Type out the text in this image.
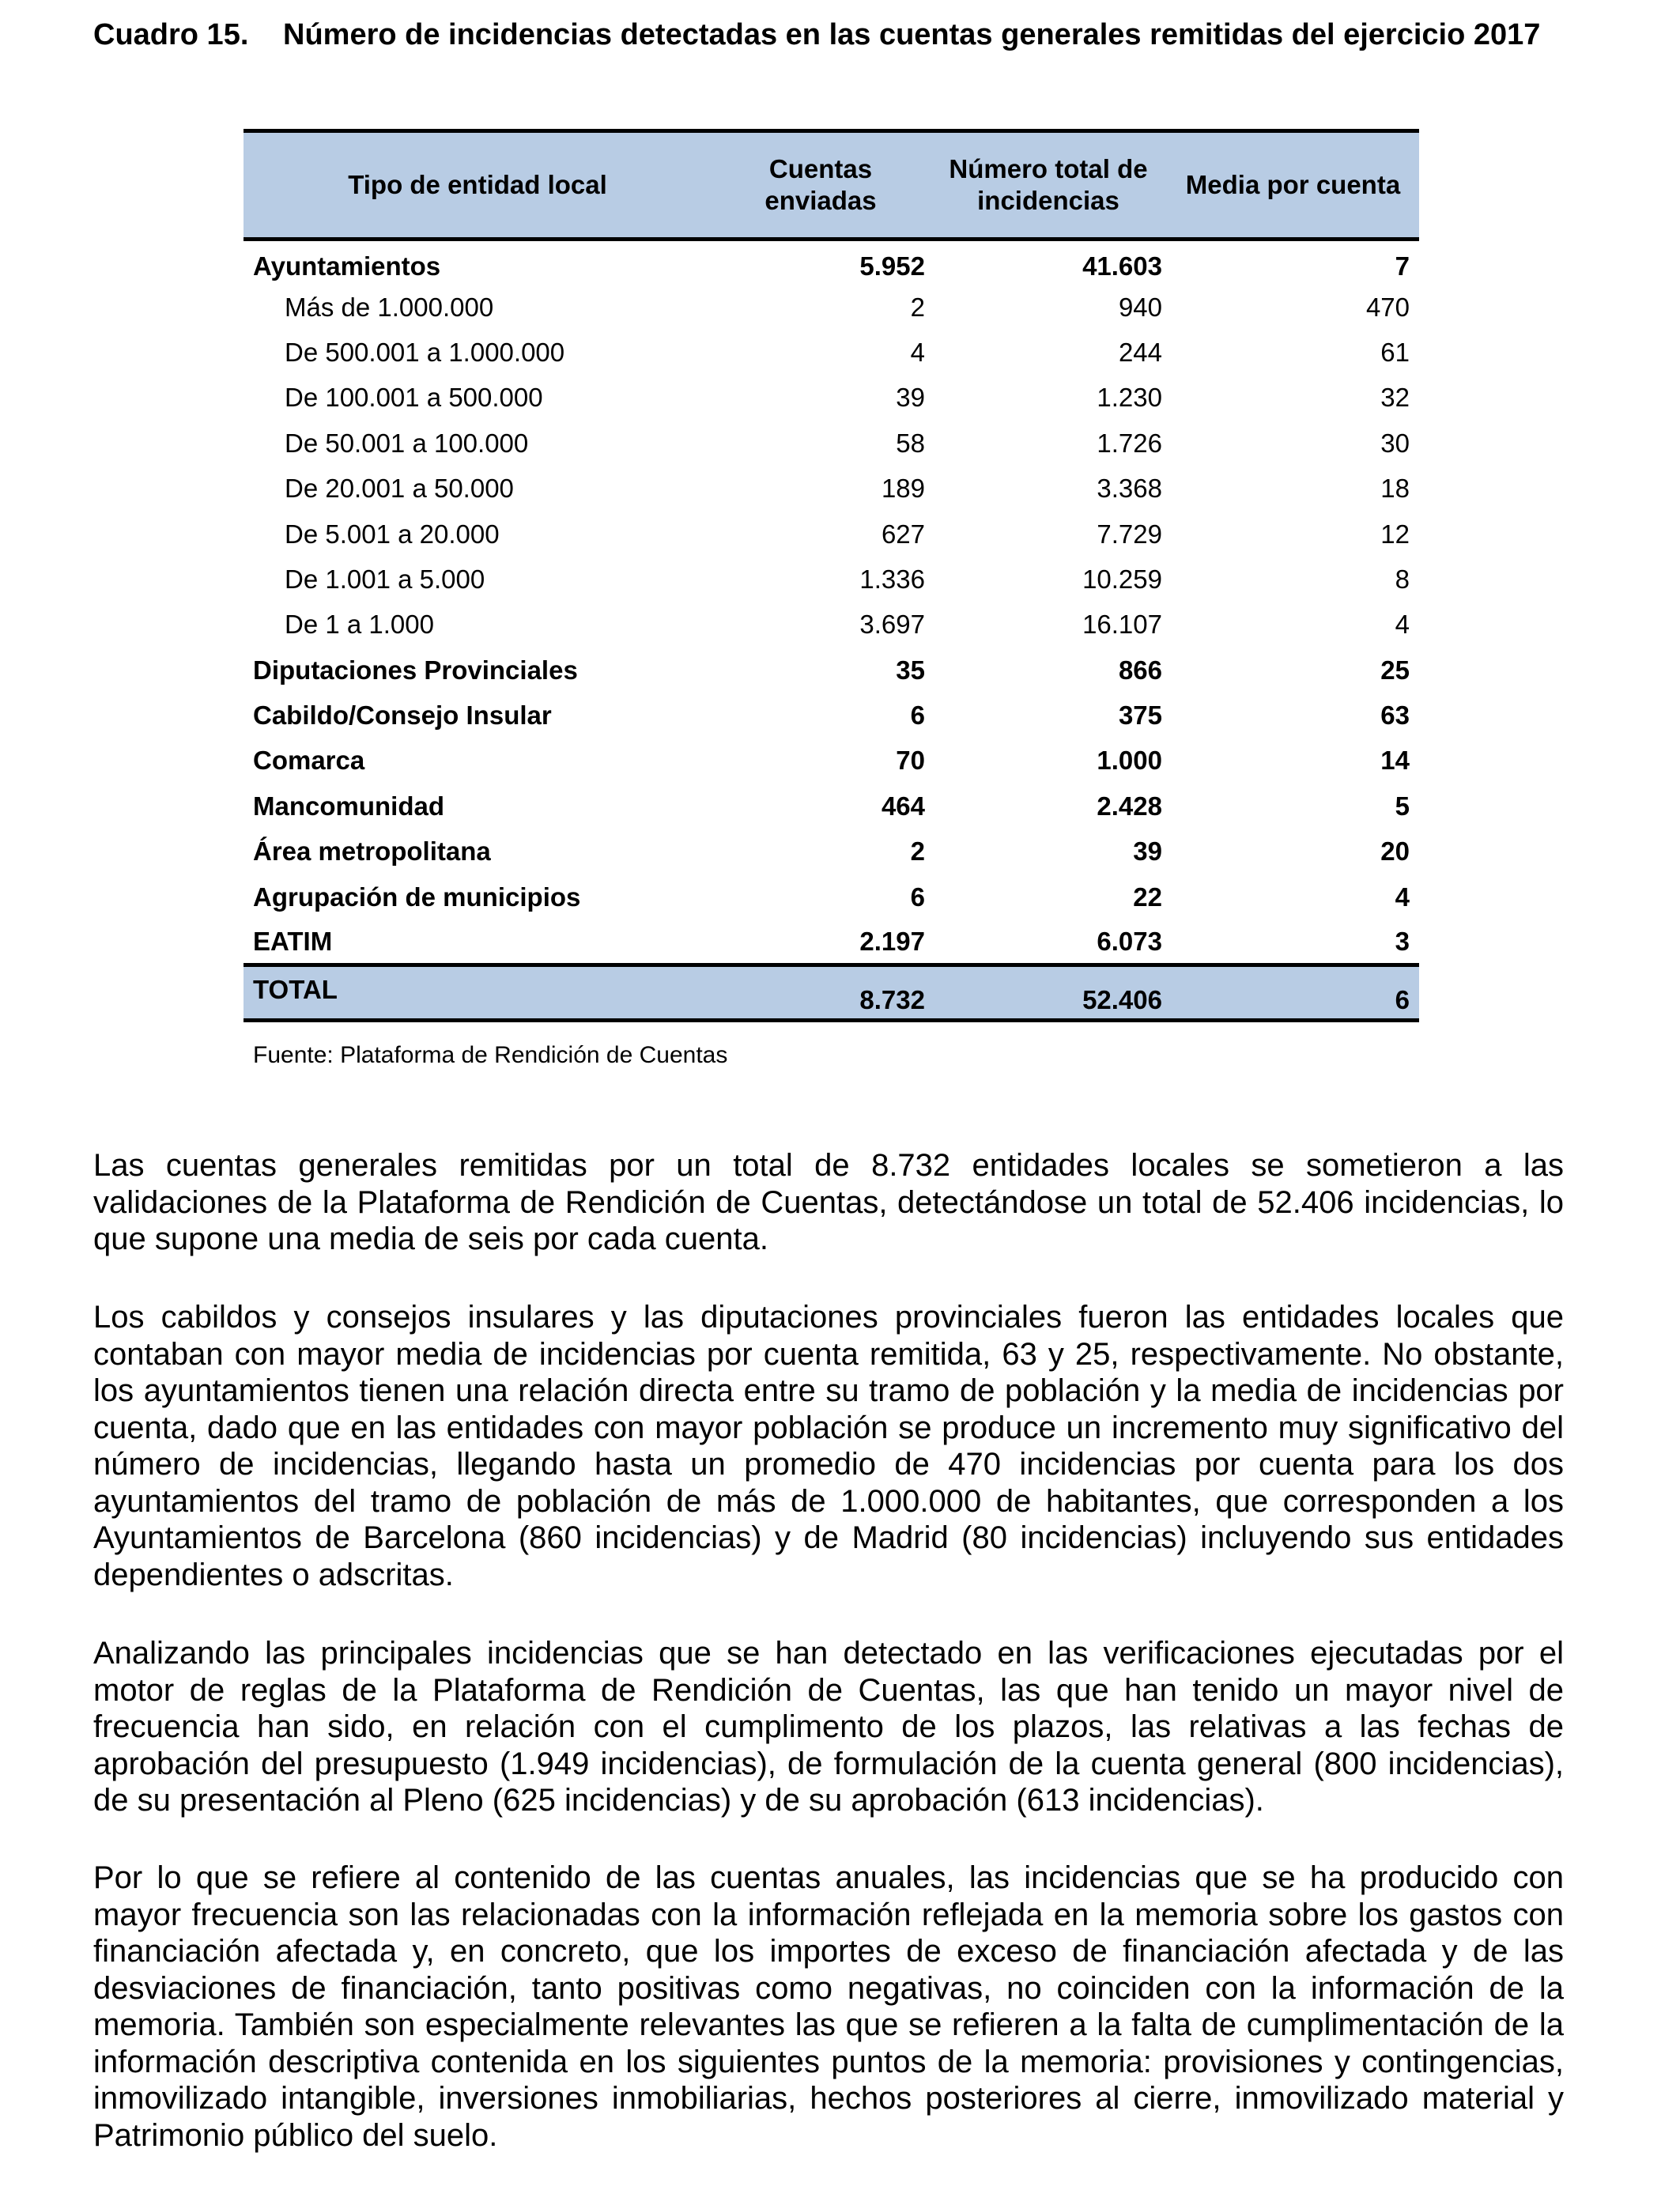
Cuadro 15.	Número de incidencias detectadas en las cuentas generales remitidas del ejercicio 2017
Tipo de entidad local	Cuentas enviadas	Número total de incidencias	Media por cuenta
Ayuntamientos	5.952	41.603	7
Más de 1.000.000	2	940	470
De 500.001 a 1.000.000	4	244	61
De 100.001 a 500.000	39	1.230	32
De 50.001 a 100.000	58	1.726	30
De 20.001 a 50.000	189	3.368	18
De 5.001 a 20.000	627	7.729	12
De 1.001 a 5.000	1.336	10.259	8
De 1 a 1.000	3.697	16.107	4
Diputaciones Provinciales	35	866	25
Cabildo/Consejo Insular	6	375	63
Comarca	70	1.000	14
Mancomunidad	464	2.428	5
Área metropolitana	2	39	20
Agrupación de municipios	6	22	4
EATIM	2.197	6.073	3
TOTAL	8.732	52.406	6
Fuente: Plataforma de Rendición de Cuentas

Las cuentas generales remitidas por un total de 8.732 entidades locales se sometieron a las validaciones de la Plataforma de Rendición de Cuentas, detectándose un total de 52.406 incidencias, lo que supone una media de seis por cada cuenta.

Los cabildos y consejos insulares y las diputaciones provinciales fueron las entidades locales que contaban con mayor media de incidencias por cuenta remitida, 63 y 25, respectivamente. No obstante, los ayuntamientos tienen una relación directa entre su tramo de población y la media de incidencias por cuenta, dado que en las entidades con mayor población se produce un incremento muy significativo del número de incidencias, llegando hasta un promedio de 470 incidencias por cuenta para los dos ayuntamientos del tramo de población de más de 1.000.000 de habitantes, que corresponden a los Ayuntamientos de Barcelona (860 incidencias) y de Madrid (80 incidencias) incluyendo sus entidades dependientes o adscritas.

Analizando las principales incidencias que se han detectado en las verificaciones ejecutadas por el motor de reglas de la Plataforma de Rendición de Cuentas, las que han tenido un mayor nivel de frecuencia han sido, en relación con el cumplimento de los plazos, las relativas a las fechas de aprobación del presupuesto (1.949 incidencias), de formulación de la cuenta general (800 incidencias), de su presentación al Pleno (625 incidencias) y de su aprobación (613 incidencias).

Por lo que se refiere al contenido de las cuentas anuales, las incidencias que se ha producido con mayor frecuencia son las relacionadas con la información reflejada en la memoria sobre los gastos con financiación afectada y, en concreto, que los importes de exceso de financiación afectada y de las desviaciones de financiación, tanto positivas como negativas, no coinciden con la información de la memoria. También son especialmente relevantes las que se refieren a la falta de cumplimentación de la información descriptiva contenida en los siguientes puntos de la memoria: provisiones y contingencias, inmovilizado intangible, inversiones inmobiliarias, hechos posteriores al cierre, inmovilizado material y Patrimonio público del suelo.
